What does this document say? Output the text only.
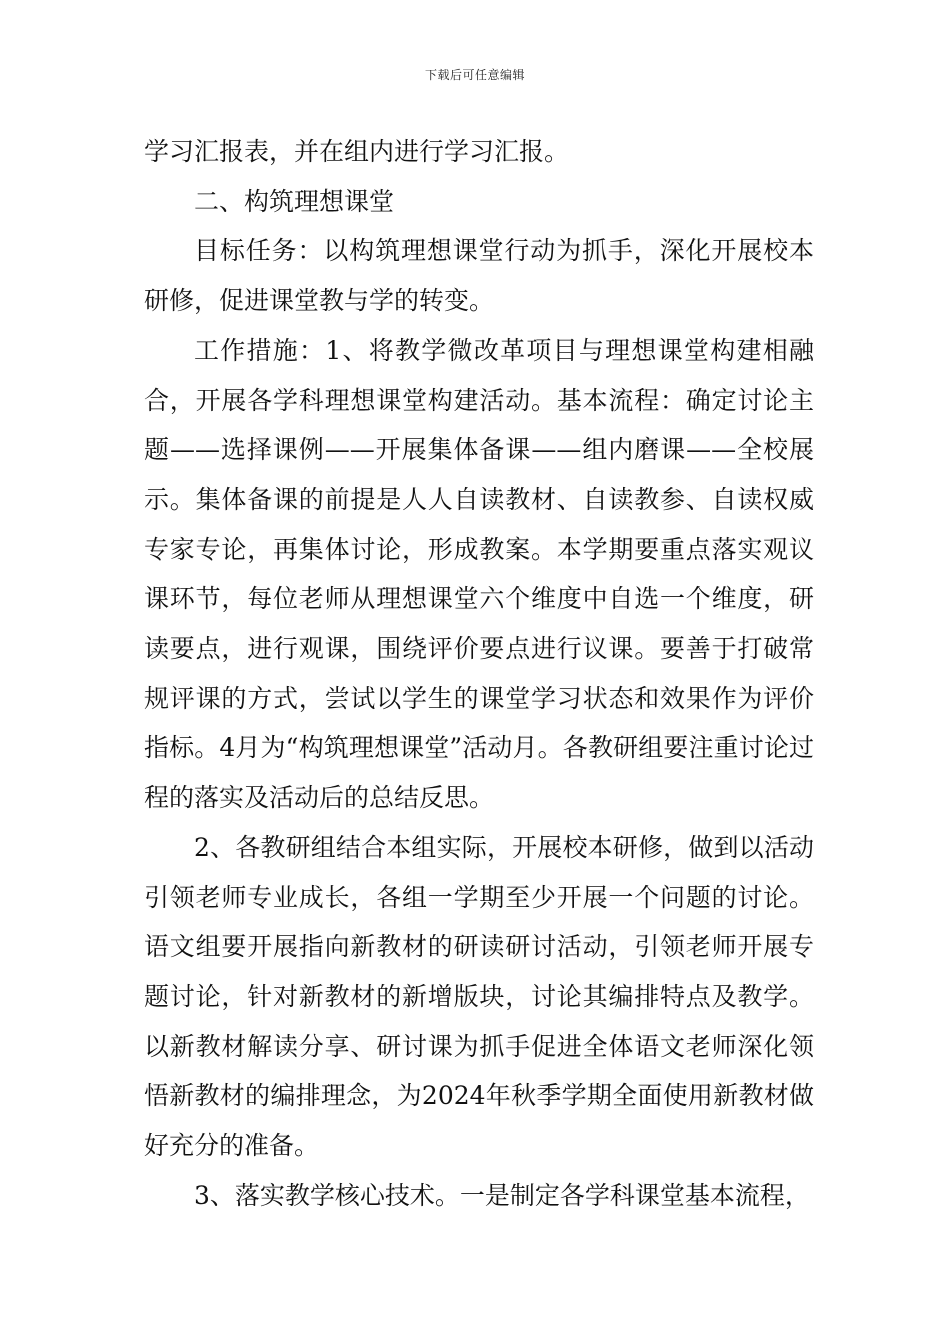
下载后可任意编辑

学习汇报表，并在组内进行学习汇报。

二、构筑理想课堂

目标任务：以构筑理想课堂行动为抓手，深化开展校本研修，促进课堂教与学的转变。

工作措施：1、将教学微改革项目与理想课堂构建相融合，开展各学科理想课堂构建活动。基本流程：确定讨论主题——选择课例——开展集体备课——组内磨课——全校展示。集体备课的前提是人人自读教材、自读教参、自读权威专家专论，再集体讨论，形成教案。本学期要重点落实观议课环节，每位老师从理想课堂六个维度中自选一个维度，研读要点，进行观课，围绕评价要点进行议课。要善于打破常规评课的方式，尝试以学生的课堂学习状态和效果作为评价指标。4月为“构筑理想课堂”活动月。各教研组要注重讨论过程的落实及活动后的总结反思。

2、各教研组结合本组实际，开展校本研修，做到以活动引领老师专业成长，各组一学期至少开展一个问题的讨论。语文组要开展指向新教材的研读研讨活动，引领老师开展专题讨论，针对新教材的新增版块，讨论其编排特点及教学。以新教材解读分享、研讨课为抓手促进全体语文老师深化领悟新教材的编排理念，为2024年秋季学期全面使用新教材做好充分的准备。

3、落实教学核心技术。一是制定各学科课堂基本流程，
